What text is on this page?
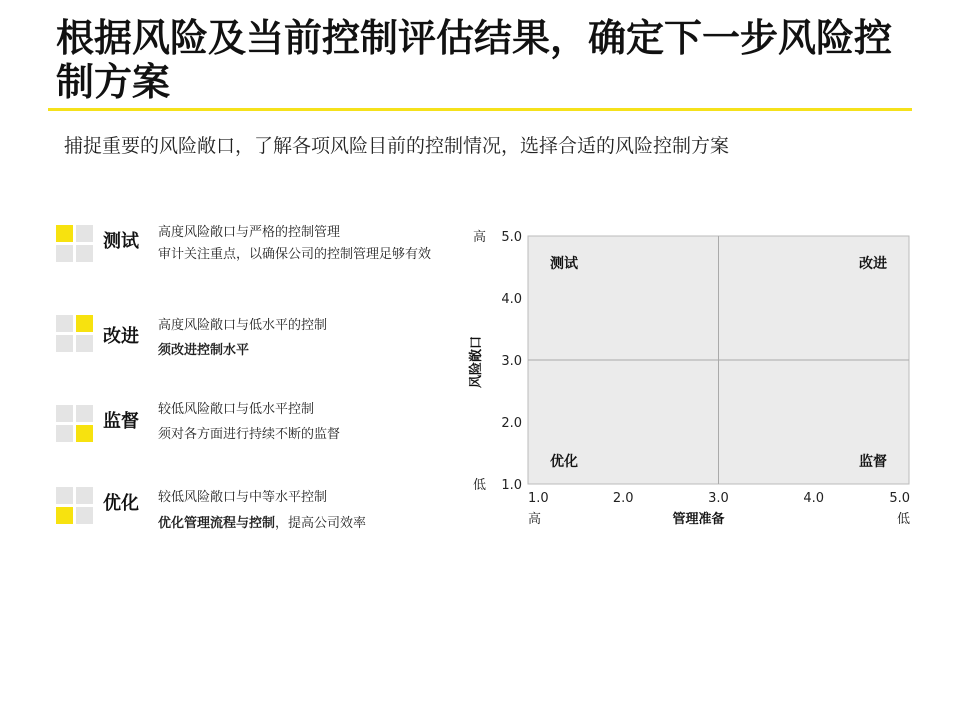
根据风险及当前控制评估结果，确定下一步风险控制方案
捕捉重要的风险敞口，了解各项风险目前的控制情况，选择合适的风险控制方案
测试 高度风险敞口与严格的控制管理
审计关注重点，以确保公司的控制管理足够有效
改进
高度风险敞口与低水平的控制
须改进控制水平
监督
较低风险敞口与低水平控制
须对各方面进行持续不断的监督
优化 较低风险敞口与中等水平控制
优化管理流程与控制，提高公司效率
1.0
2.0
3.0
4.0
5.0
1.0	2.0	3.0	4.0	5.0
测试	改进
优化	监督
高
低
高	低
管理准备
风险敞口
